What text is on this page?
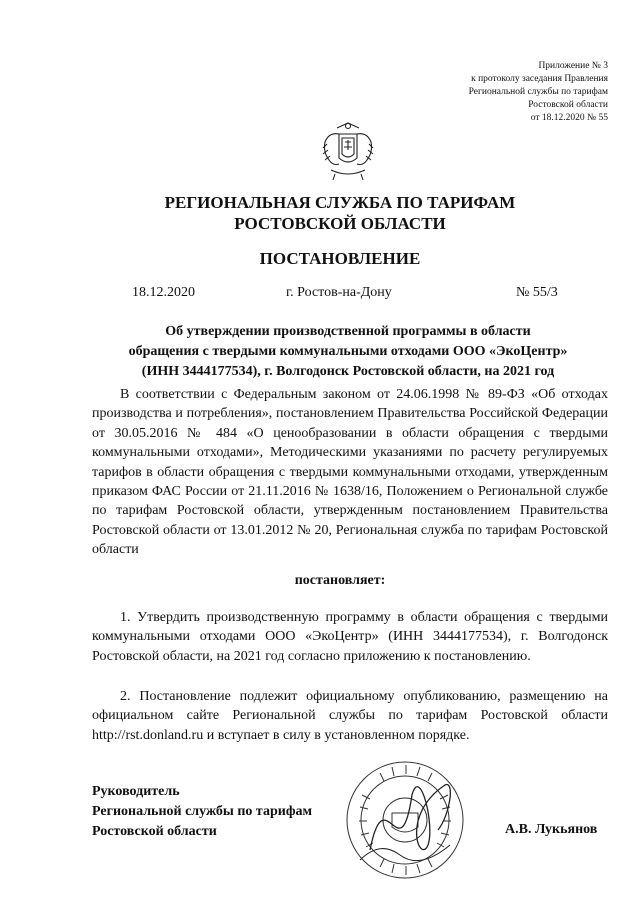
Приложение № 3
к протоколу заседания Правления
Региональной службы по тарифам
Ростовской области
от 18.12.2020 № 55
РЕГИОНАЛЬНАЯ СЛУЖБА ПО ТАРИФАМ
РОСТОВСКОЙ ОБЛАСТИ
ПОСТАНОВЛЕНИЕ
18.12.2020	г. Ростов-на-Дону	№ 55/3
Об утверждении производственной программы в области
обращения с твердыми коммунальными отходами ООО «ЭкоЦентр»
(ИНН 3444177534), г. Волгодонск Ростовской области, на 2021 год
В соответствии с Федеральным законом от 24.06.1998 № 89-ФЗ «Об отходах производства и потребления», постановлением Правительства Российской Федерации от 30.05.2016 № 484 «О ценообразовании в области обращения с твердыми коммунальными отходами», Методическими указаниями по расчету регулируемых тарифов в области обращения с твердыми коммунальными отходами, утвержденным приказом ФАС России от 21.11.2016 № 1638/16, Положением о Региональной службе по тарифам Ростовской области, утвержденным постановлением Правительства Ростовской области от 13.01.2012 № 20, Региональная служба по тарифам Ростовской области
постановляет:
1. Утвердить производственную программу в области обращения с твердыми коммунальными отходами ООО «ЭкоЦентр» (ИНН 3444177534), г. Волгодонск Ростовской области, на 2021 год согласно приложению к постановлению.
2. Постановление подлежит официальному опубликованию, размещению на официальном сайте Региональной службы по тарифам Ростовской области http://rst.donland.ru и вступает в силу в установленном порядке.
Руководитель
Региональной службы по тарифам
Ростовской области	А.В. Лукьянов
